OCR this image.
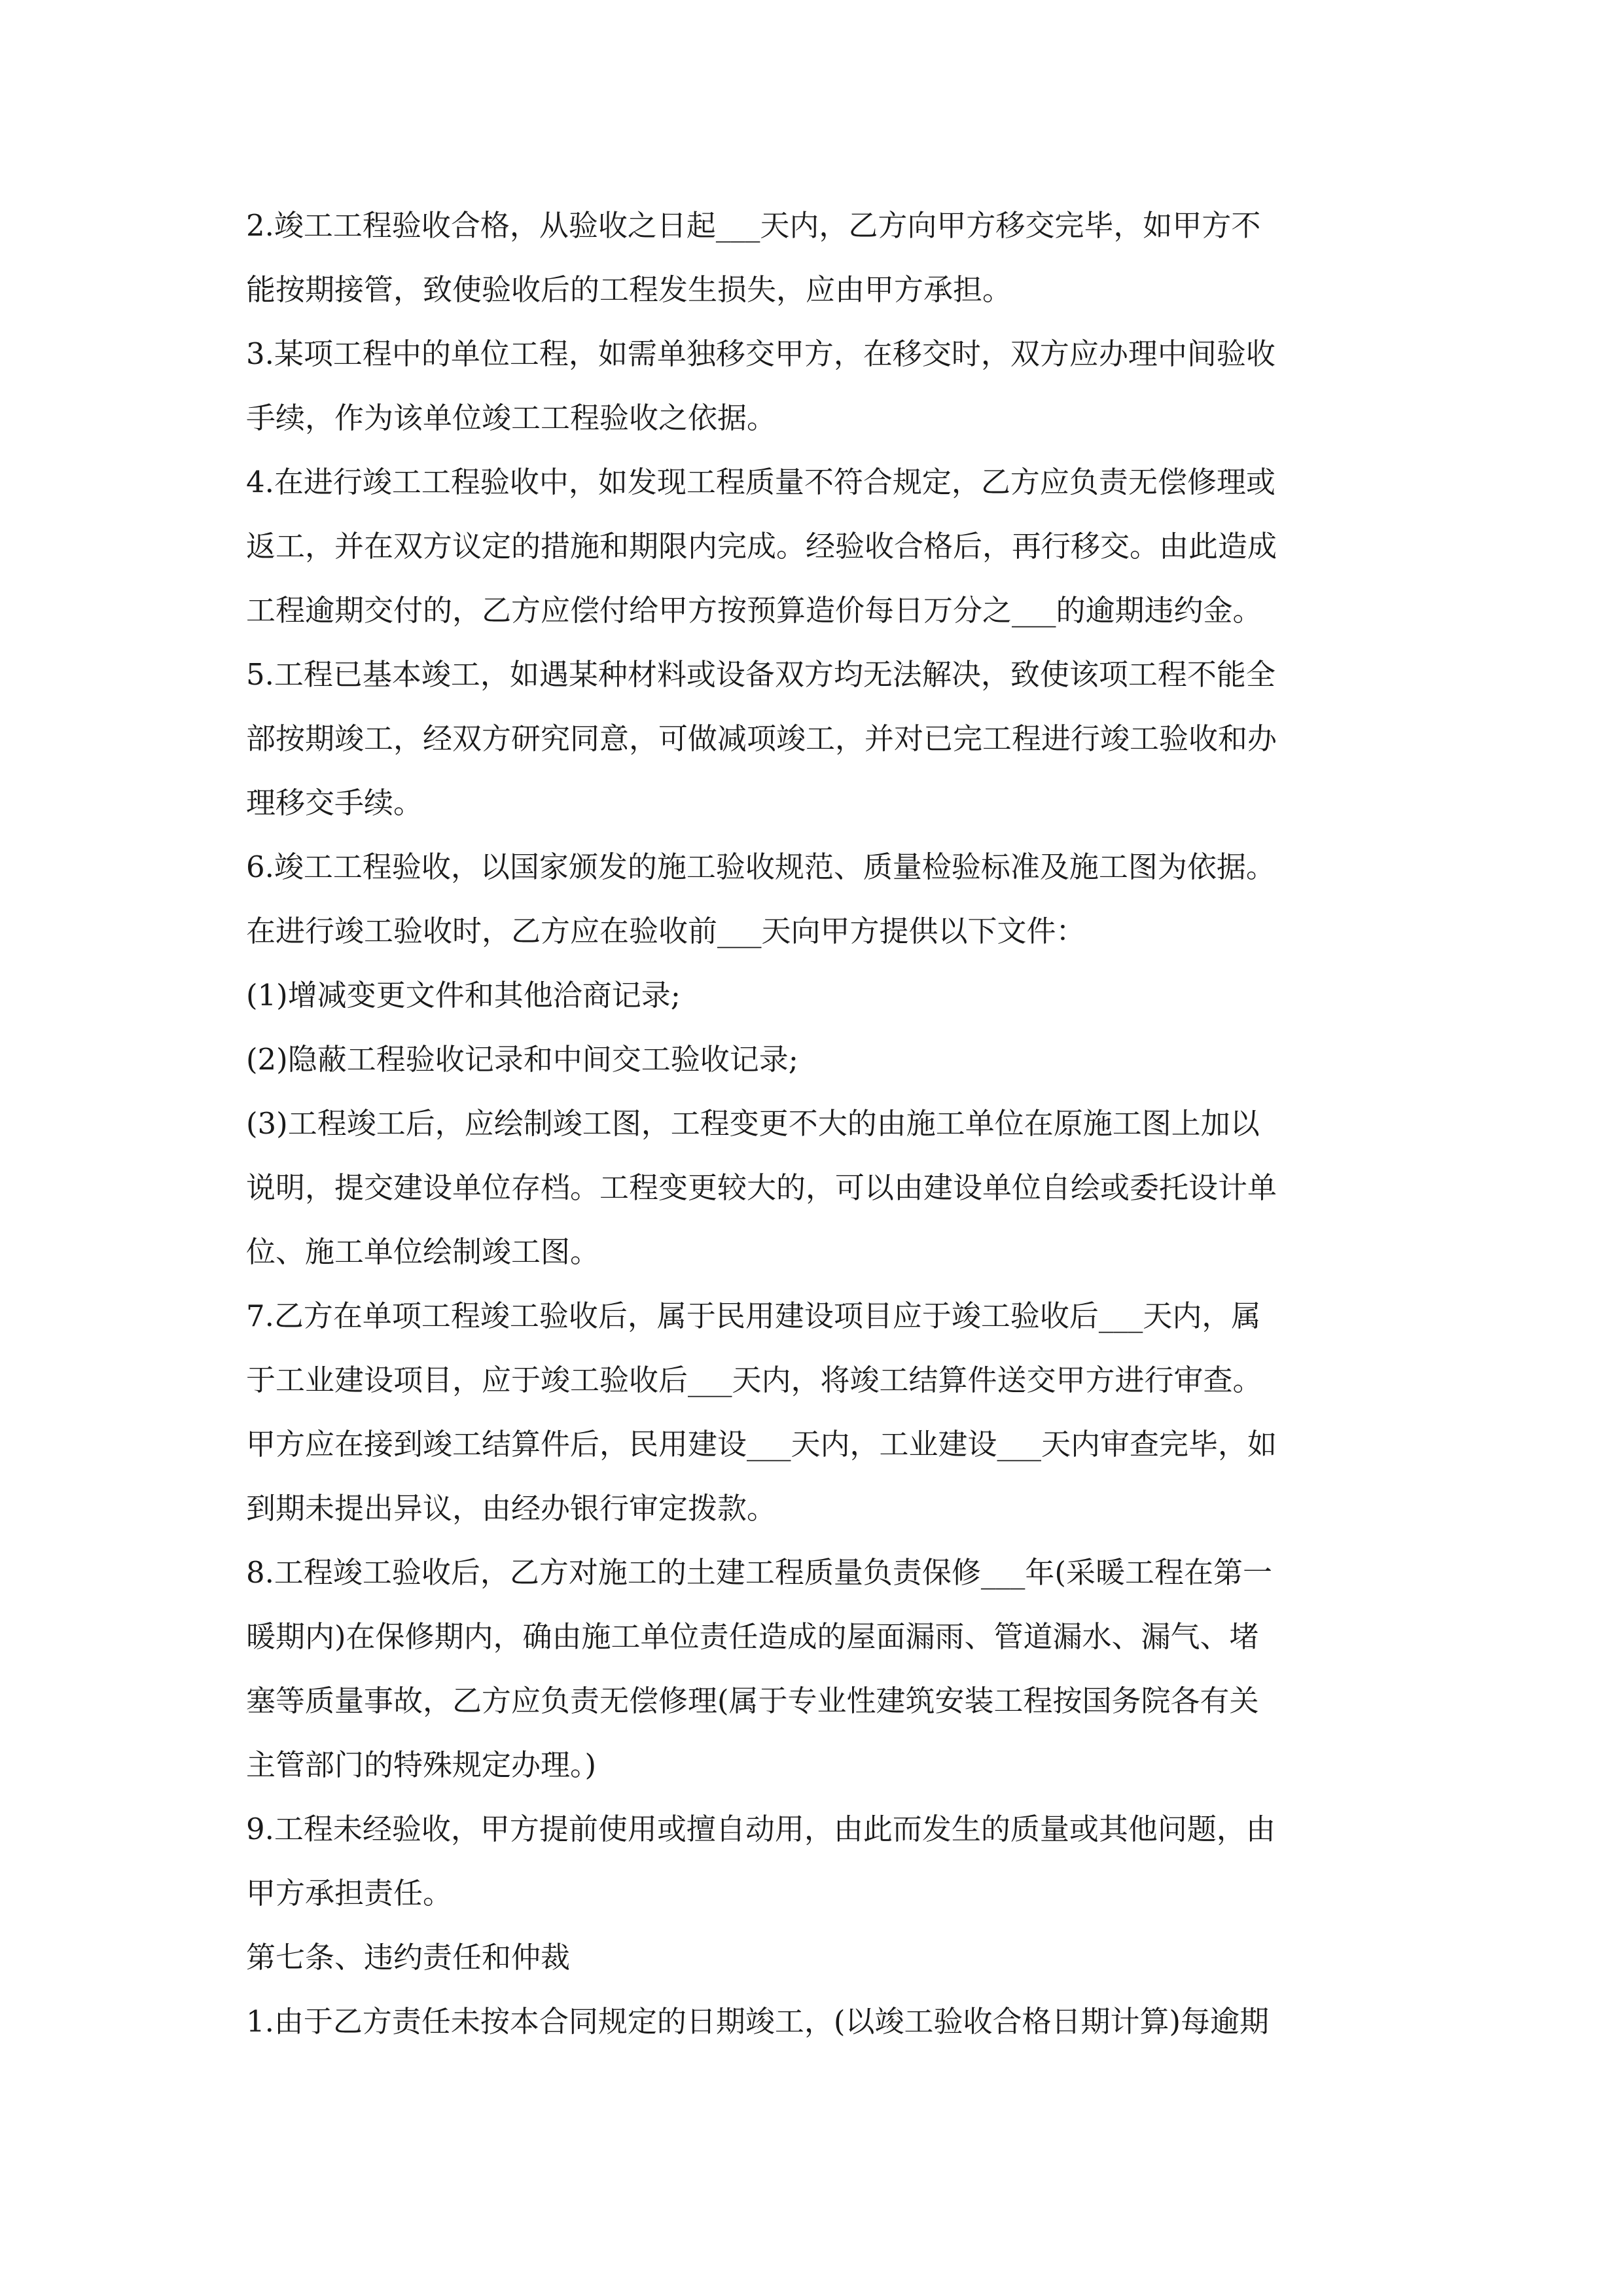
2.竣工工程验收合格，从验收之日起___天内，乙方向甲方移交完毕，如甲方不
能按期接管，致使验收后的工程发生损失，应由甲方承担。
3.某项工程中的单位工程，如需单独移交甲方，在移交时，双方应办理中间验收
手续，作为该单位竣工工程验收之依据。
4.在进行竣工工程验收中，如发现工程质量不符合规定，乙方应负责无偿修理或
返工，并在双方议定的措施和期限内完成。经验收合格后，再行移交。由此造成
工程逾期交付的，乙方应偿付给甲方按预算造价每日万分之___的逾期违约金。
5.工程已基本竣工，如遇某种材料或设备双方均无法解决，致使该项工程不能全
部按期竣工，经双方研究同意，可做减项竣工，并对已完工程进行竣工验收和办
理移交手续。
6.竣工工程验收，以国家颁发的施工验收规范、质量检验标准及施工图为依据。
在进行竣工验收时，乙方应在验收前___天向甲方提供以下文件：
(1)增减变更文件和其他洽商记录;
(2)隐蔽工程验收记录和中间交工验收记录;
(3)工程竣工后，应绘制竣工图，工程变更不大的由施工单位在原施工图上加以
说明，提交建设单位存档。工程变更较大的，可以由建设单位自绘或委托设计单
位、施工单位绘制竣工图。
7.乙方在单项工程竣工验收后，属于民用建设项目应于竣工验收后___天内，属
于工业建设项目，应于竣工验收后___天内，将竣工结算件送交甲方进行审查。
甲方应在接到竣工结算件后，民用建设___天内，工业建设___天内审查完毕，如
到期未提出异议，由经办银行审定拨款。
8.工程竣工验收后，乙方对施工的土建工程质量负责保修___年(采暖工程在第一
暖期内)在保修期内，确由施工单位责任造成的屋面漏雨、管道漏水、漏气、堵
塞等质量事故，乙方应负责无偿修理(属于专业性建筑安装工程按国务院各有关
主管部门的特殊规定办理。)
9.工程未经验收，甲方提前使用或擅自动用，由此而发生的质量或其他问题，由
甲方承担责任。
第七条、违约责任和仲裁
1.由于乙方责任未按本合同规定的日期竣工，(以竣工验收合格日期计算)每逾期
